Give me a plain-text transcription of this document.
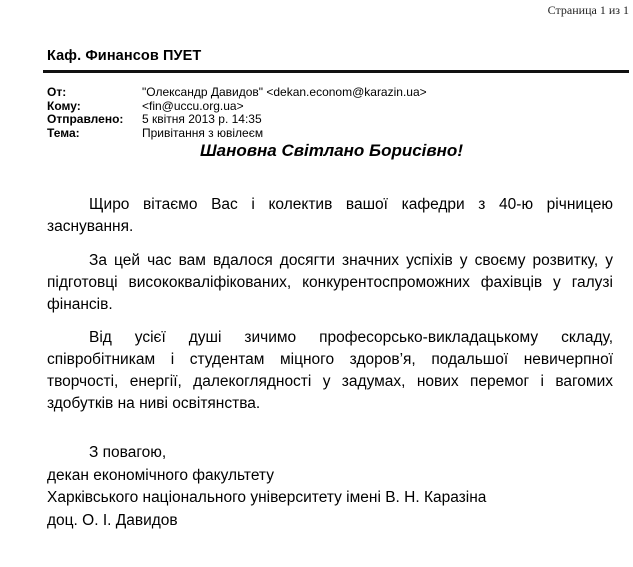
Страница 1 из 1
Каф. Финансов ПУЕТ
От:	"Олександр Давидов" <dekan.econom@karazin.ua>
Кому:	<fin@uccu.org.ua>
Отправлено: 5 квітня 2013 р. 14:35
Тема:	Привітання з ювілеєм
Шановна Світлано Борисівно!
Щиро вітаємо Вас і колектив вашої кафедри з 40-ю річницею заснування.
За цей час вам вдалося досягти значних успіхів у своєму розвитку, у підготовці висококваліфікованих, конкурентоспроможних фахівців у галузі фінансів.
Від усієї душі зичимо професорсько-викладацькому складу, співробітникам і студентам міцного здоров’я, подальшої невичерпної творчості, енергії, далекоглядності у задумах, нових перемог і вагомих здобутків на ниві освітянства.
З повагою,
декан економічного факультету
Харківського національного університету імені В. Н. Каразіна
доц. О. І. Давидов
